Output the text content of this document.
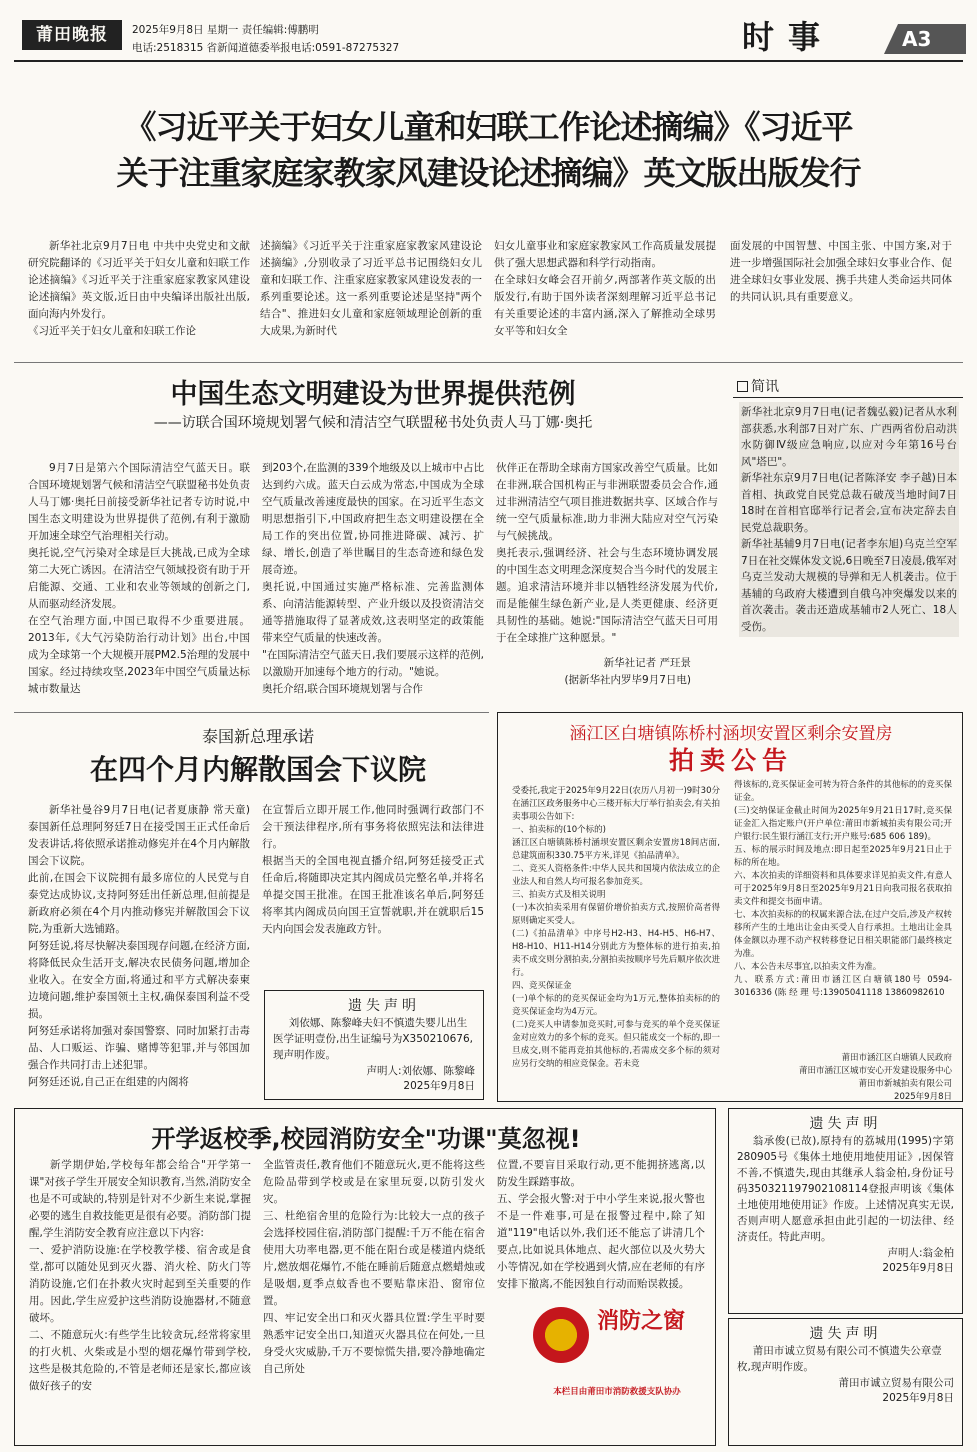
莆田晚报	2025年9月8日 星期一 责任编辑:傅鹏明
电话:2518315 省新闻道德委举报电话:0591-87275327	时事	A3
《习近平关于妇女儿童和妇联工作论述摘编》《习近平
关于注重家庭家教家风建设论述摘编》英文版出版发行
新华社北京9月7日电 中共中央党史和文献研究院翻译的《习近平关于妇女儿童和妇联工作论述摘编》《习近平关于注重家庭家教家风建设论述摘编》英文版,近日由中央编译出版社出版,面向海内外发行。
《习近平关于妇女儿童和妇联工作论
述摘编》《习近平关于注重家庭家教家风建设论述摘编》,分别收录了习近平总书记围绕妇女儿童和妇联工作、注重家庭家教家风建设发表的一系列重要论述。这一系列重要论述是坚持"两个结合"、推进妇女儿童和家庭领域理论创新的重大成果,为新时代
妇女儿童事业和家庭家教家风工作高质量发展提供了强大思想武器和科学行动指南。
在全球妇女峰会召开前夕,两部著作英文版的出版发行,有助于国外读者深刻理解习近平总书记有关重要论述的丰富内涵,深入了解推动全球男女平等和妇女全
面发展的中国智慧、中国主张、中国方案,对于进一步增强国际社会加强全球妇女事业合作、促进全球妇女事业发展、携手共建人类命运共同体的共同认识,具有重要意义。
中国生态文明建设为世界提供范例
——访联合国环境规划署气候和清洁空气联盟秘书处负责人马丁娜·奥托
9月7日是第六个国际清洁空气蓝天日。联合国环境规划署气候和清洁空气联盟秘书处负责人马丁娜·奥托日前接受新华社记者专访时说,中国生态文明建设为世界提供了范例,有利于激励开加速全球空气治理相关行动。
奥托说,空气污染对全球是巨大挑战,已成为全球第二大死亡诱因。在清洁空气领域投资有助于开启能源、交通、工业和农业等领域的创新之门,从而驱动经济发展。
在空气治理方面,中国已取得不少重要进展。2013年,《大气污染防治行动计划》出台,中国成为全球第一个大规模开展PM2.5治理的发展中国家。经过持续攻坚,2023年中国空气质量达标城市数量达
到203个,在监测的339个地级及以上城市中占比达到约六成。蓝天白云成为常态,中国成为全球空气质量改善速度最快的国家。在习近平生态文明思想指引下,中国政府把生态文明建设摆在全局工作的突出位置,协同推进降碳、减污、扩绿、增长,创造了举世瞩目的生态奇迹和绿色发展奇迹。
奥托说,中国通过实施严格标准、完善监测体系、向清洁能源转型、产业升级以及投资清洁交通等措施取得了显著成效,这表明坚定的政策能带来空气质量的快速改善。
"在国际清洁空气蓝天日,我们要展示这样的范例,以激励开加速每个地方的行动。"她说。
奥托介绍,联合国环境规划署与合作
伙伴正在帮助全球南方国家改善空气质量。比如在非洲,联合国机构正与非洲联盟委员会合作,通过非洲清洁空气项目推进数据共享、区域合作与统一空气质量标准,助力非洲大陆应对空气污染与气候挑战。
奥托表示,强调经济、社会与生态环境协调发展的中国生态文明理念深度契合当今时代的发展主题。追求清洁环境并非以牺牲经济发展为代价,而是能催生绿色新产业,是人类更健康、经济更具韧性的基础。她说:"国际清洁空气蓝天日可用于在全球推广这种愿景。"
新华社记者 严玨景
(据新华社内罗毕9月7日电)
简讯
新华社北京9月7日电(记者魏弘毅)记者从水利部获悉,水利部7日对广东、广西两省份启动洪水防御Ⅳ级应急响应,以应对今年第16号台风"塔巴"。
新华社东京9月7日电(记者陈泽安 李子越)日本首相、执政党自民党总裁石破茂当地时间7日18时在首相官邸举行记者会,宣布决定辞去自民党总裁职务。
新华社基辅9月7日电(记者李东旭)乌克兰空军7日在社交媒体发文说,6日晚至7日凌晨,俄军对乌克兰发动大规模的导弹和无人机袭击。位于基辅的乌政府大楼遭到自俄乌冲突爆发以来的首次袭击。袭击还造成基辅市2人死亡、18人受伤。
泰国新总理承诺
在四个月内解散国会下议院
新华社曼谷9月7日电(记者夏康静 常天童)泰国新任总理阿努廷7日在接受国王正式任命后发表讲话,将依照承诺推动修宪并在4个月内解散国会下议院。
此前,在国会下议院拥有最多席位的人民党与自泰党达成协议,支持阿努廷出任新总理,但前提是新政府必须在4个月内推动修宪并解散国会下议院,为重新大选铺路。
阿努廷说,将尽快解决泰国现存问题,在经济方面,将降低民众生活开支,解决农民债务问题,增加企业收入。在安全方面,将通过和平方式解决泰柬边境问题,维护泰国领土主权,确保泰国利益不受损。
阿努廷承诺将加强对泰国警察、同时加紧打击毒品、人口贩运、诈骗、赌博等犯罪,并与邻国加强合作共同打击上述犯罪。
阿努廷还说,自己正在组建的内阁将
在宣誓后立即开展工作,他同时强调行政部门不会干预法律程序,所有事务将依照宪法和法律进行。
根据当天的全国电视直播介绍,阿努廷接受正式任命后,将随即决定其内阁成员完整名单,并将名单提交国王批准。在国王批准该名单后,阿努廷将率其内阁成员向国王宣誓就职,并在就职后15天内向国会发表施政方针。
遗失声明
刘依娜、陈黎峰夫妇不慎遗失婴儿出生医学证明壹份,出生证编号为X350210676,现声明作废。
声明人:刘依娜、陈黎峰
2025年9月8日
涵江区白塘镇陈桥村涵坝安置区剩余安置房
拍卖公告
受委托,我定于2025年9月22日(农历八月初一)9时30分在涵江区政务服务中心三楼开标大厅举行拍卖会,有关拍卖事项公告如下:
一、拍卖标的(10个标的)
涵江区白塘镇陈桥村涵坝安置区剩余安置房18间店面,总建筑面积330.75平方米,详见《拍品清单》。
二、竞买人资格条件:中华人民共和国境内依法成立的企业法人和自然人均可报名参加竞买。
三、拍卖方式及相关说明
(一)本次拍卖采用有保留价增价拍卖方式,按照价高者得原则确定买受人。
(二)《拍品清单》中序号H2-H3、H4-H5、H6-H7、H8-H10、H11-H14分别此方为整体标的进行拍卖,拍卖不成交则分割拍卖,分割拍卖按顺序号先后顺序依次进行。
四、竞买保证金
(一)单个标的的竞买保证金均为1万元,整体拍卖标的的竞买保证金均为4万元。
(二)竞买人申请参加竞买时,可参与竞买的单个竞买保证金对应效力的多个标的竞买。但只能成交一个标的,即一旦成交,则不能再竞拍其他标的,若需成交多个标的须对应另行交纳的相应竞保金。若未竞
得该标的,竞买保证金可转为符合条件的其他标的的竞买保证金。
(三)交纳保证金截止时间为2025年9月21日17时,竞买保证金汇入指定账户(开户单位:莆田市新城拍卖有限公司;开户银行:民生银行涵江支行;开户账号:685 606 189)。
五、标的展示时间及地点:即日起至2025年9月21日止于标的所在地。
六、本次拍卖的详细资料和具体要求详见拍卖文件,有意人可于2025年9月8日至2025年9月21日向我司报名获取拍卖文件和提交书面申请。
七、本次拍卖标的的权属来源合法,在过户交后,涉及产权转移所产生的土地出让金由买受人自行承担。土地出让金具体金额以办理不动产权转移登记日相关职能部门最终核定为准。
八、本公告未尽事宜,以拍卖文件为准。
九、联系方式:莆田市涵江区白塘镇180号 0594-3016336 (陈 经 理 号:13905041118 13860982610
莆田市涵江区白塘镇人民政府
莆田市涵江区城市安心开发建设服务中心
莆田市新城拍卖有限公司
2025年9月8日
开学返校季,校园消防安全"功课"莫忽视!
新学期伊始,学校每年都会给合"开学第一课"对孩子学生开展安全知识教育,当然,消防安全也是不可或缺的,特别是针对不少新生来说,掌握必要的逃生自救技能更是很有必要。消防部门提醒,学生消防安全教育应注意以下内容:
一、爱护消防设施:在学校教学楼、宿舍或是食堂,都可以随处见到灭火器、消火栓、防火门等消防设施,它们在扑救火灾时起到至关重要的作用。因此,学生应爱护这些消防设施器材,不随意破坏。
二、不随意玩火:有些学生比较贪玩,经常将家里的打火机、火柴或是小型的烟花爆竹带到学校,这些是极其危险的,不管是老师还是家长,都应该做好孩子的安
全监管责任,教育他们不随意玩火,更不能将这些危险品带到学校或是在家里玩耍,以防引发火灾。
三、杜绝宿舍里的危险行为:比较大一点的孩子会选择校园住宿,消防部门提醒:千万不能在宿舍使用大功率电器,更不能在阳台或是楼道内烧纸片,燃放烟花爆竹,不能在睡前后随意点燃蜡烛或是吸烟,夏季点蚊香也不要贴靠床沿、窗帘位置。
四、牢记安全出口和灭火器具位置:学生平时要熟悉牢记安全出口,知道灭火器具位在何处,一旦身受火灾威胁,千万不要惊慌失措,要冷静地确定自己所处
位置,不要盲目采取行动,更不能拥挤逃离,以防发生踩踏事故。
五、学会报火警:对于中小学生来说,报火警也不是一件难事,可是在报警过程中,除了知道"119"电话以外,我们还不能忘了讲清几个要点,比如说具体地点、起火部位以及火势大小等情况,如在学校遇到火情,应在老师的有序安排下撤离,不能因独自行动而贻误救援。
消防之窗
本栏目由莆田市消防救援支队协办
遗失声明
翁承俊(已故),原持有的荔城用(1995)字第280905号《集体土地使用地使用证》,因保管不善,不慎遗失,现由其继承人翁金柏,身份证号码350321197902108114登报声明该《集体土地使用地使用证》作废。上述情况真实无误,否则声明人愿意承担由此引起的一切法律、经济责任。特此声明。
声明人:翁金柏
2025年9月8日
遗失声明
莆田市诚立贸易有限公司不慎遗失公章壹枚,现声明作废。
莆田市诚立贸易有限公司
2025年9月8日
